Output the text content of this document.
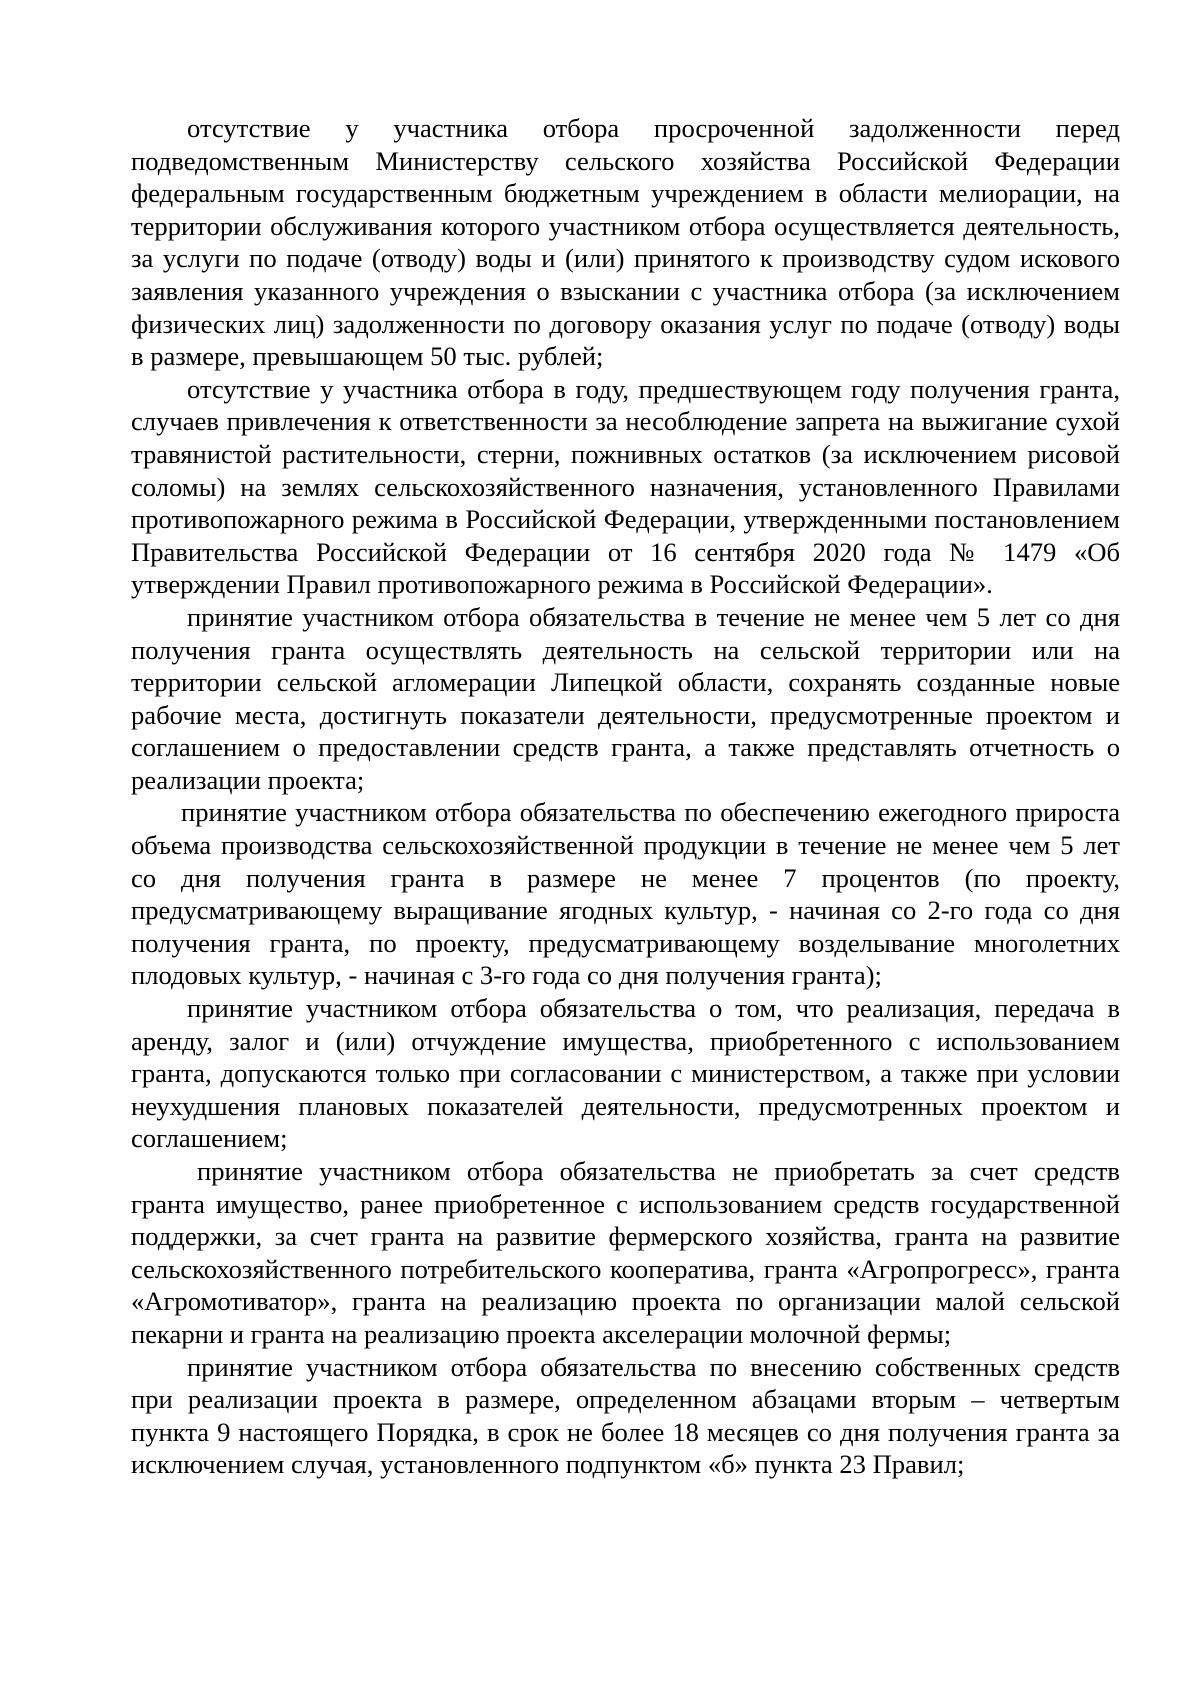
отсутствие у участника отбора просроченной задолженности перед подведомственным Министерству сельского хозяйства Российской Федерации федеральным государственным бюджетным учреждением в области мелиорации, на территории обслуживания которого участником отбора осуществляется деятельность, за услуги по подаче (отводу) воды и (или) принятого к производству судом искового заявления указанного учреждения о взыскании с участника отбора (за исключением физических лиц) задолженности по договору оказания услуг по подаче (отводу) воды в размере, превышающем 50 тыс. рублей;

отсутствие у участника отбора в году, предшествующем году получения гранта, случаев привлечения к ответственности за несоблюдение запрета на выжигание сухой травянистой растительности, стерни, пожнивных остатков (за исключением рисовой соломы) на землях сельскохозяйственного назначения, установленного Правилами противопожарного режима в Российской Федерации, утвержденными постановлением Правительства Российской Федерации от 16 сентября 2020 года № 1479 «Об утверждении Правил противопожарного режима в Российской Федерации».

принятие участником отбора обязательства в течение не менее чем 5 лет со дня получения гранта осуществлять деятельность на сельской территории или на территории сельской агломерации Липецкой области, сохранять созданные новые рабочие места, достигнуть показатели деятельности, предусмотренные проектом и соглашением о предоставлении средств гранта, а также представлять отчетность о реализации проекта;

принятие участником отбора обязательства по обеспечению ежегодного прироста объема производства сельскохозяйственной продукции в течение не менее чем 5 лет со дня получения гранта в размере не менее 7 процентов (по проекту, предусматривающему выращивание ягодных культур, - начиная со 2-го года со дня получения гранта, по проекту, предусматривающему возделывание многолетних плодовых культур, - начиная с 3-го года со дня получения гранта);

принятие участником отбора обязательства о том, что реализация, передача в аренду, залог и (или) отчуждение имущества, приобретенного с использованием гранта, допускаются только при согласовании с министерством, а также при условии неухудшения плановых показателей деятельности, предусмотренных проектом и соглашением;

принятие участником отбора обязательства не приобретать за счет средств гранта имущество, ранее приобретенное с использованием средств государственной поддержки, за счет гранта на развитие фермерского хозяйства, гранта на развитие сельскохозяйственного потребительского кооператива, гранта «Агропрогресс», гранта «Агромотиватор», гранта на реализацию проекта по организации малой сельской пекарни и гранта на реализацию проекта акселерации молочной фермы;

принятие участником отбора обязательства по внесению собственных средств при реализации проекта в размере, определенном абзацами вторым – четвертым пункта 9 настоящего Порядка, в срок не более 18 месяцев со дня получения гранта за исключением случая, установленного подпунктом «б» пункта 23 Правил;
